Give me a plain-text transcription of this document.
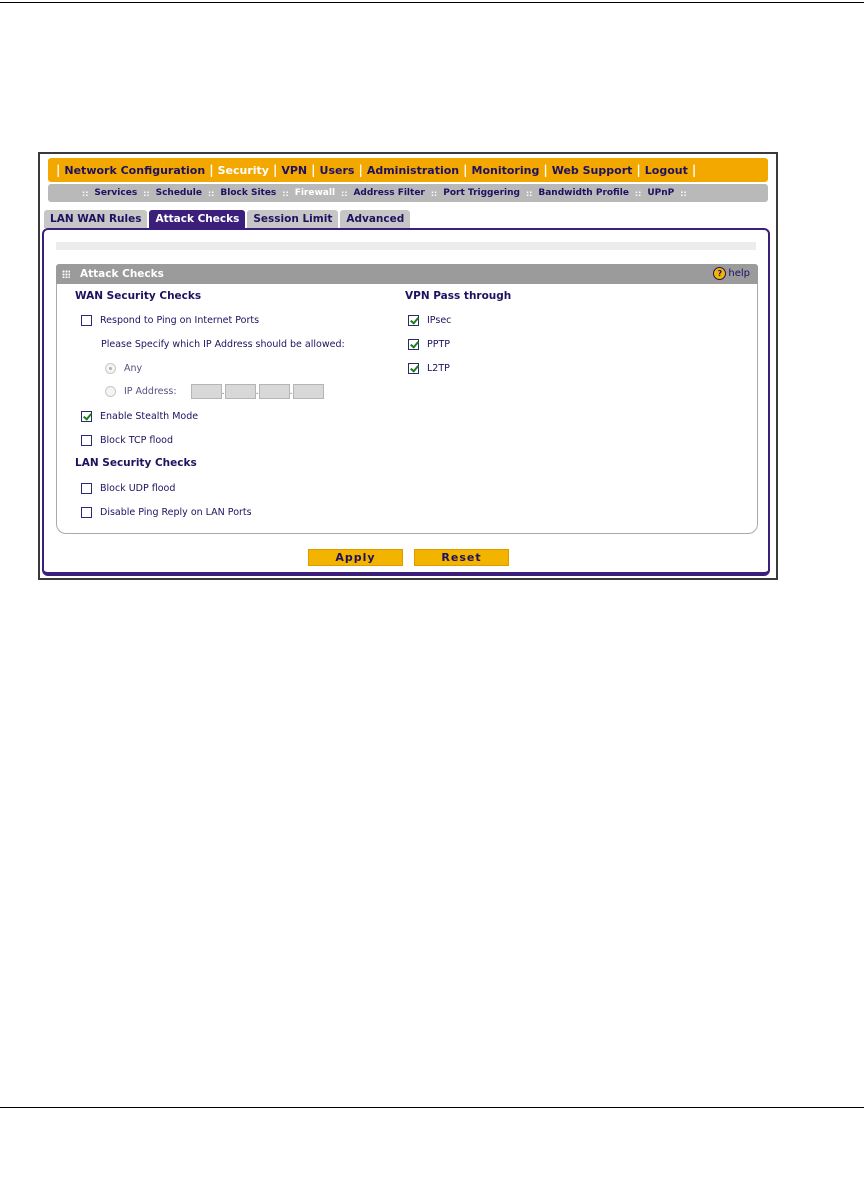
| Network Configuration | Security | VPN | Users | Administration | Monitoring | Web Support | Logout |
:: Services :: Schedule :: Block Sites :: Firewall :: Address Filter :: Port Triggering :: Bandwidth Profile :: UPnP ::
LAN WAN Rules	Attack Checks	Session Limit	Advanced
Attack Checks	? help
WAN Security Checks
Respond to Ping on Internet Ports
Please Specify which IP Address should be allowed:
Any
IP Address:	.	.	.
Enable Stealth Mode
Block TCP flood
LAN Security Checks
Block UDP flood
Disable Ping Reply on LAN Ports
VPN Pass through
IPsec
PPTP
L2TP
Apply	Reset
